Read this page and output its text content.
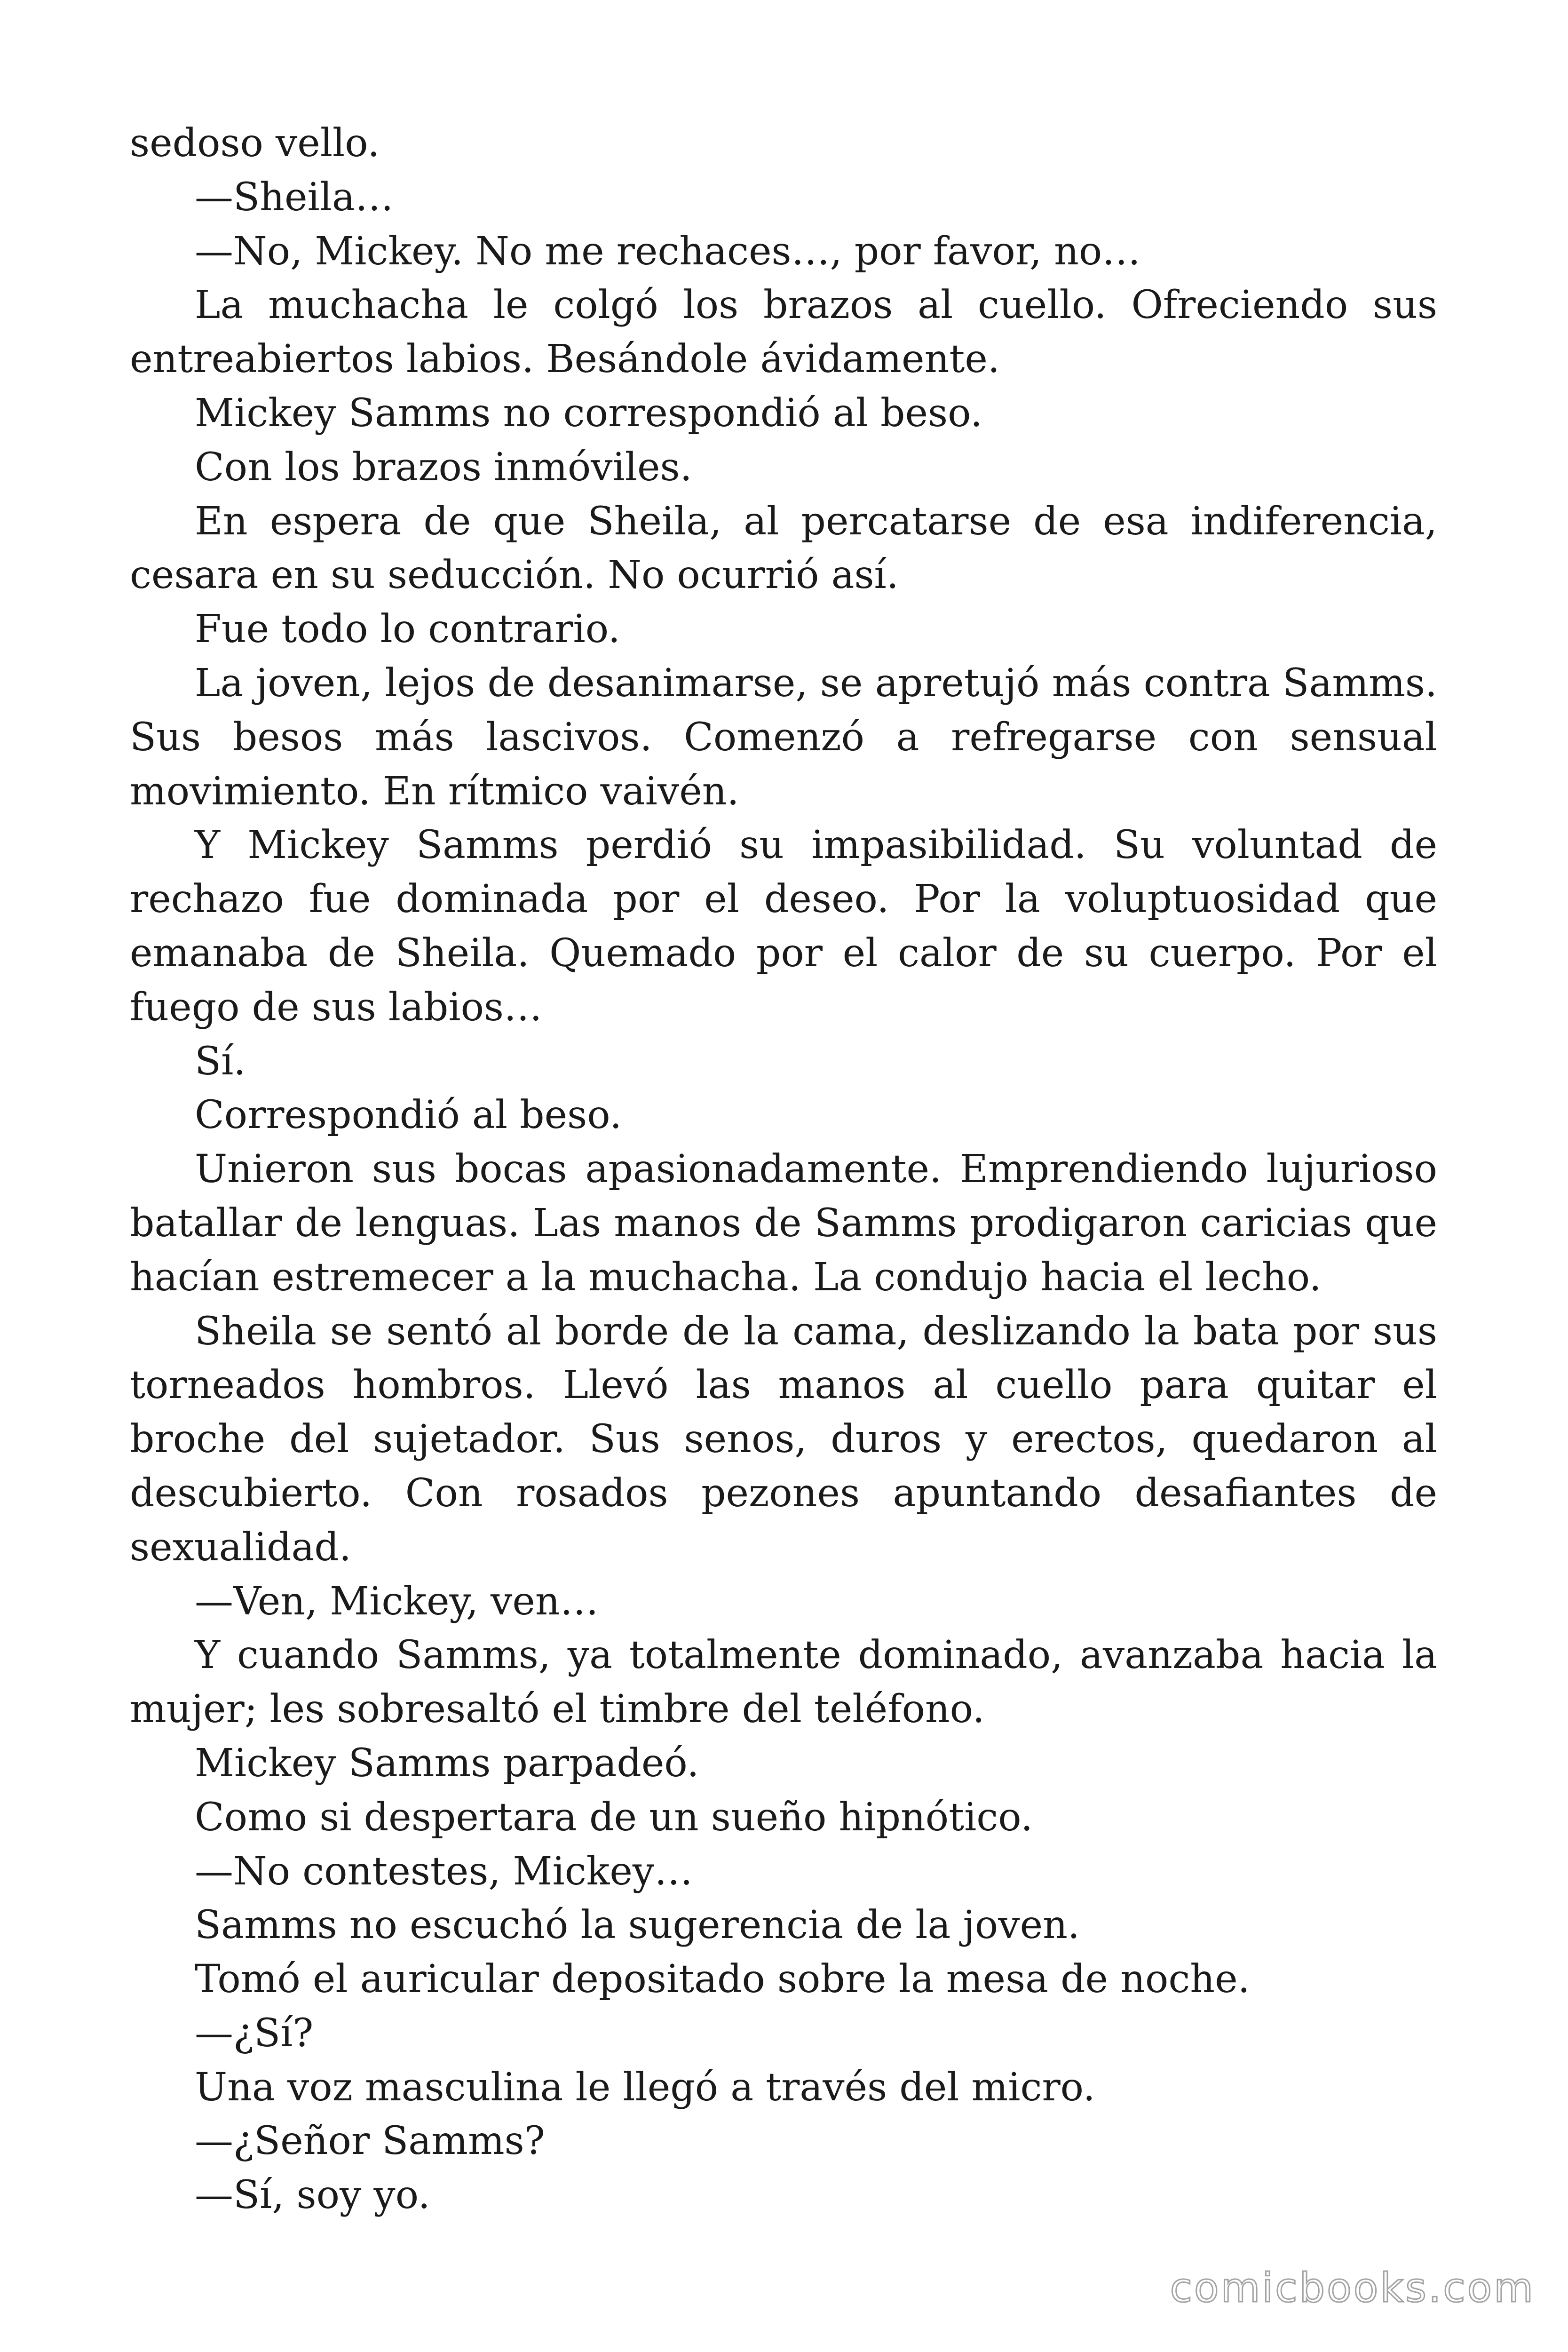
sedoso vello.

—Sheila…

—No, Mickey. No me rechaces…, por favor, no…

La muchacha le colgó los brazos al cuello. Ofreciendo sus entreabiertos labios. Besándole ávidamente.

Mickey Samms no correspondió al beso.

Con los brazos inmóviles.

En espera de que Sheila, al percatarse de esa indiferencia, cesara en su seducción. No ocurrió así.

Fue todo lo contrario.

La joven, lejos de desanimarse, se apretujó más contra Samms. Sus besos más lascivos. Comenzó a refregarse con sensual movimiento. En rítmico vaivén.

Y Mickey Samms perdió su impasibilidad. Su voluntad de rechazo fue dominada por el deseo. Por la voluptuosidad que emanaba de Sheila. Quemado por el calor de su cuerpo. Por el fuego de sus labios…

Sí.

Correspondió al beso.

Unieron sus bocas apasionadamente. Emprendiendo lujurioso batallar de lenguas. Las manos de Samms prodigaron caricias que hacían estremecer a la muchacha. La condujo hacia el lecho.

Sheila se sentó al borde de la cama, deslizando la bata por sus torneados hombros. Llevó las manos al cuello para quitar el broche del sujetador. Sus senos, duros y erectos, quedaron al descubierto. Con rosados pezones apuntando desafiantes de sexualidad.

—Ven, Mickey, ven…

Y cuando Samms, ya totalmente dominado, avanzaba hacia la mujer; les sobresaltó el timbre del teléfono.

Mickey Samms parpadeó.

Como si despertara de un sueño hipnótico.

—No contestes, Mickey…

Samms no escuchó la sugerencia de la joven.

Tomó el auricular depositado sobre la mesa de noche.

—¿Sí?

Una voz masculina le llegó a través del micro.

—¿Señor Samms?

—Sí, soy yo.

comicbooks.com
